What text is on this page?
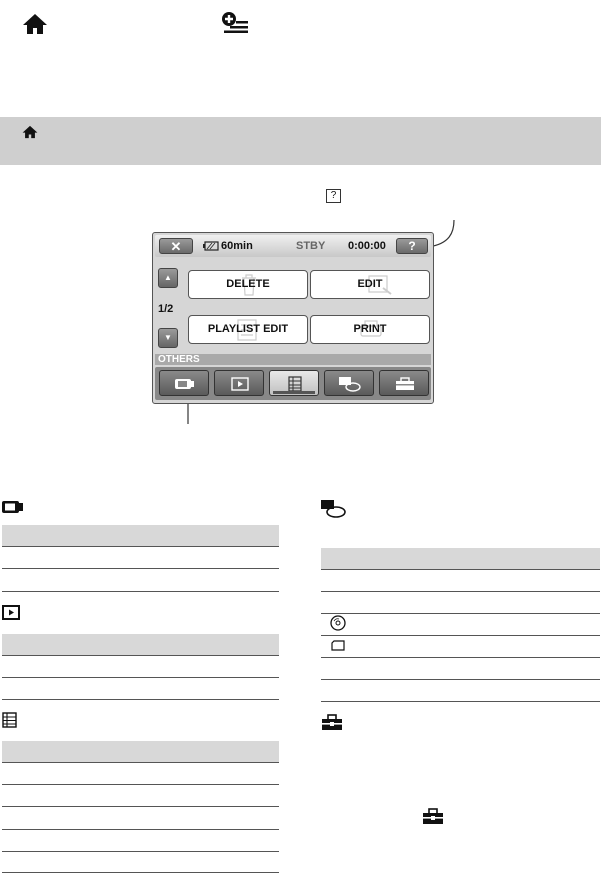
?
✕	60min	STBY 0:00:00	?
▲
1/2
▼
DELETE	EDIT
PLAYLIST EDIT	PRINT
OTHERS
